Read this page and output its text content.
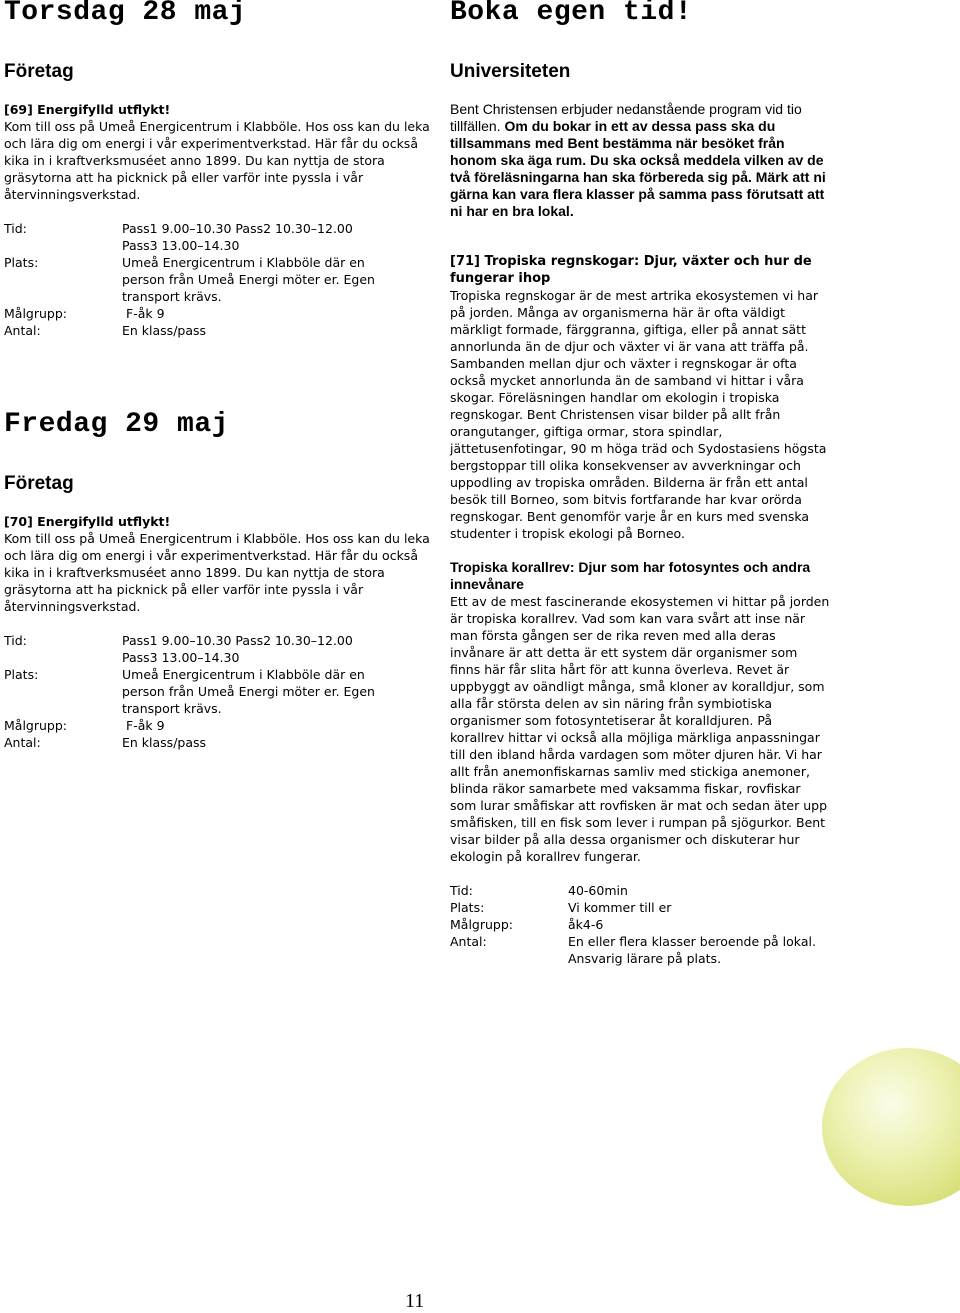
Torsdag 28 maj
Företag

[69] Energifylld utflykt!

Kom till oss på Umeå Energicentrum i Klabböle. Hos oss kan du leka och lära dig om energi i vår experimentverkstad. Här får du också kika in i kraftverksmuséet anno 1899. Du kan nyttja de stora gräsytorna att ha picknick på eller varför inte pyssla i vår återvinningsverkstad.

Tid:	Pass1 9.00–10.30 Pass2 10.30–12.00
Pass3 13.00–14.30
Plats:	Umeå Energicentrum i Klabböle där en
person från Umeå Energi möter er. Egen
transport krävs.
Målgrupp:	F-åk 9
Antal:	En klass/pass
Fredag 29 maj
Företag

[70] Energifylld utflykt!

Kom till oss på Umeå Energicentrum i Klabböle. Hos oss kan du leka och lära dig om energi i vår experimentverkstad. Här får du också kika in i kraftverksmuséet anno 1899. Du kan nyttja de stora gräsytorna att ha picknick på eller varför inte pyssla i vår återvinningsverkstad.

Tid:	Pass1 9.00–10.30 Pass2 10.30–12.00
Pass3 13.00–14.30
Plats:	Umeå Energicentrum i Klabböle där en
person från Umeå Energi möter er. Egen
transport krävs.
Målgrupp:	F-åk 9
Antal:	En klass/pass
Boka egen tid!
Universiteten
Bent Christensen erbjuder nedanstående program vid tio tillfällen. Om du bokar in ett av dessa pass ska du tillsammans med Bent bestämma när besöket från honom ska äga rum. Du ska också meddela vilken av de två föreläsningarna han ska förbereda sig på. Märk att ni gärna kan vara flera klasser på samma pass förutsatt att ni har en bra lokal.
[71] Tropiska regnskogar: Djur, växter och hur de fungerar ihop
Tropiska regnskogar är de mest artrika ekosystemen vi har på jorden. Många av organismerna här är ofta väldigt märkligt formade, färggranna, giftiga, eller på annat sätt annorlunda än de djur och växter vi är vana att träffa på. Sambanden mellan djur och växter i regnskogar är ofta också mycket annorlunda än de samband vi hittar i våra skogar. Föreläsningen handlar om ekologin i tropiska regnskogar. Bent Christensen visar bilder på allt från orangutanger, giftiga ormar, stora spindlar, jättetusenfotingar, 90 m höga träd och Sydostasiens högsta bergstoppar till olika konsekvenser av avverkningar och uppodling av tropiska områden. Bilderna är från ett antal besök till Borneo, som bitvis fortfarande har kvar orörda regnskogar. Bent genomför varje år en kurs med svenska studenter i tropisk ekologi på Borneo.
Tropiska korallrev: Djur som har fotosyntes och andra innevånare
Ett av de mest fascinerande ekosystemen vi hittar på jorden är tropiska korallrev. Vad som kan vara svårt att inse när man första gången ser de rika reven med alla deras invånare är att detta är ett system där organismer som finns här får slita hårt för att kunna överleva. Revet är uppbyggt av oändligt många, små kloner av koralldjur, som alla får största delen av sin näring från symbiotiska organismer som fotosyntetiserar åt koralldjuren. På korallrev hittar vi också alla möjliga märkliga anpassningar till den ibland hårda vardagen som möter djuren här. Vi har allt från anemonfiskarnas samliv med stickiga anemoner, blinda räkor samarbete med vaksamma fiskar, rovfiskar som lurar småfiskar att rovfisken är mat och sedan äter upp småfisken, till en fisk som lever i rumpan på sjögurkor. Bent visar bilder på alla dessa organismer och diskuterar hur ekologin på korallrev fungerar.
Tid:	40-60min
Plats:	Vi kommer till er
Målgrupp:	åk4-6
Antal:	En eller flera klasser beroende på lokal.
Ansvarig lärare på plats.
11
